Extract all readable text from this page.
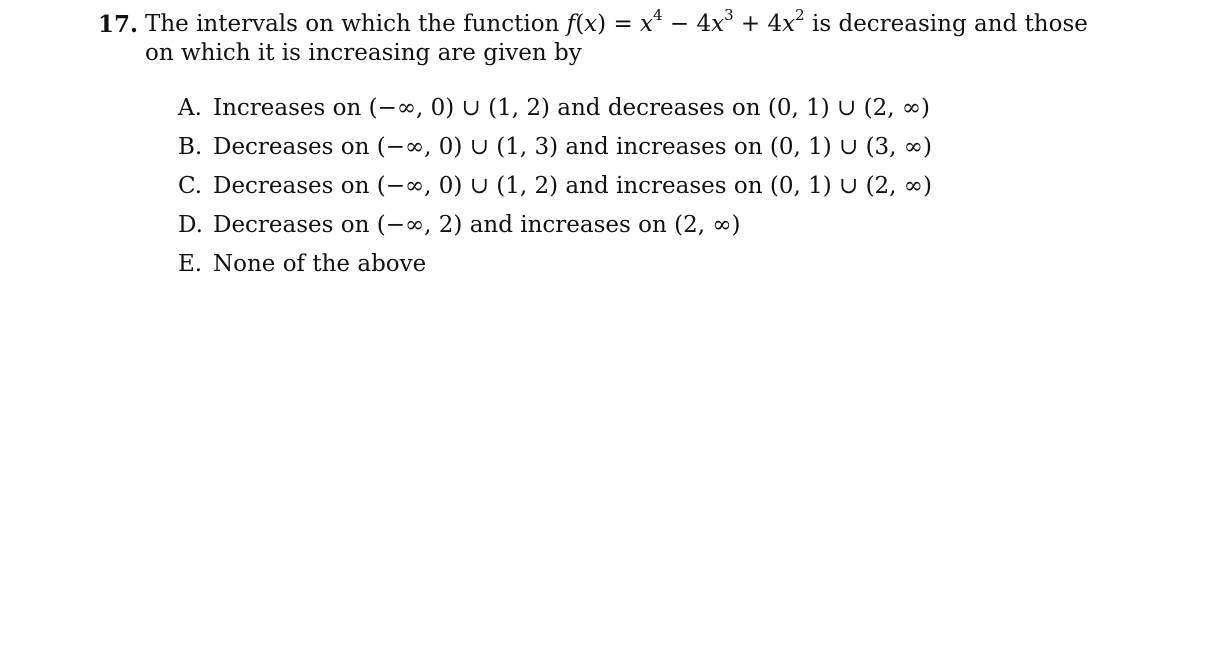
17. The intervals on which the function $f(x) = x^4 - 4x^3 + 4x^2$ is decreasing and those on which it is increasing are given by
A. Increases on (−∞, 0) ∪ (1, 2) and decreases on (0, 1) ∪ (2, ∞)
B. Decreases on (−∞, 0) ∪ (1, 3) and increases on (0, 1) ∪ (3, ∞)
C. Decreases on (−∞, 0) ∪ (1, 2) and increases on (0, 1) ∪ (2, ∞)
D. Decreases on (−∞, 2) and increases on (2, ∞)
E. None of the above
